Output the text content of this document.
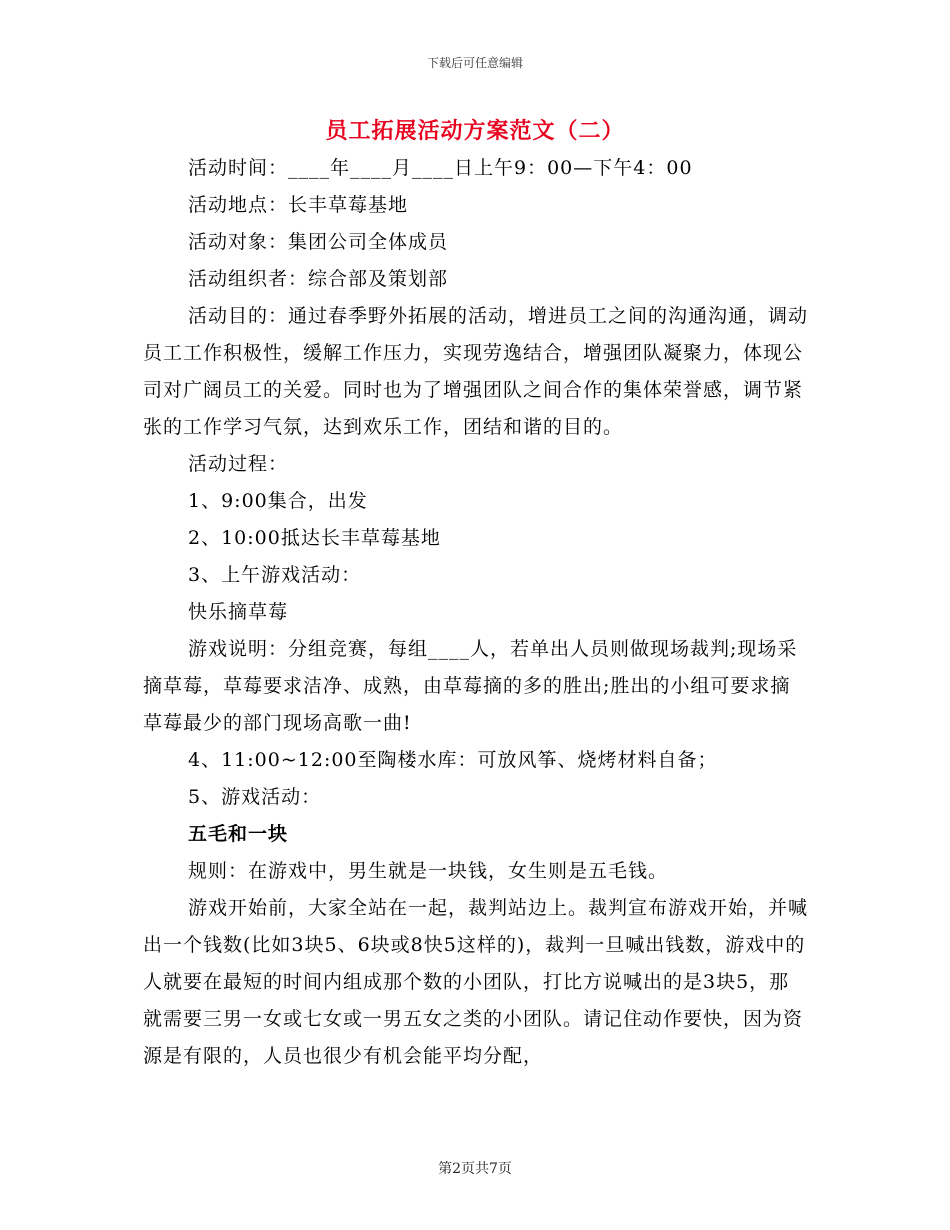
下载后可任意编辑
员工拓展活动方案范文（二）

活动时间：____年____月____日上午9：00—下午4：00

活动地点：长丰草莓基地

活动对象：集团公司全体成员

活动组织者：综合部及策划部

活动目的：通过春季野外拓展的活动，增进员工之间的沟通沟通，调动员工工作积极性，缓解工作压力，实现劳逸结合，增强团队凝聚力，体现公司对广阔员工的关爱。同时也为了增强团队之间合作的集体荣誉感，调节紧张的工作学习气氛，达到欢乐工作，团结和谐的目的。

活动过程：

1、9:00集合，出发

2、10:00抵达长丰草莓基地

3、上午游戏活动：

快乐摘草莓

游戏说明：分组竞赛，每组____人，若单出人员则做现场裁判;现场采摘草莓，草莓要求洁净、成熟，由草莓摘的多的胜出;胜出的小组可要求摘草莓最少的部门现场高歌一曲!

4、11:00~12:00至陶楼水库：可放风筝、烧烤材料自备；

5、游戏活动：

五毛和一块

规则：在游戏中，男生就是一块钱，女生则是五毛钱。

游戏开始前，大家全站在一起，裁判站边上。裁判宣布游戏开始，并喊出一个钱数(比如3块5、6块或8快5这样的)，裁判一旦喊出钱数，游戏中的人就要在最短的时间内组成那个数的小团队，打比方说喊出的是3块5，那就需要三男一女或七女或一男五女之类的小团队。请记住动作要快，因为资源是有限的，人员也很少有机会能平均分配，

第2页共7页
